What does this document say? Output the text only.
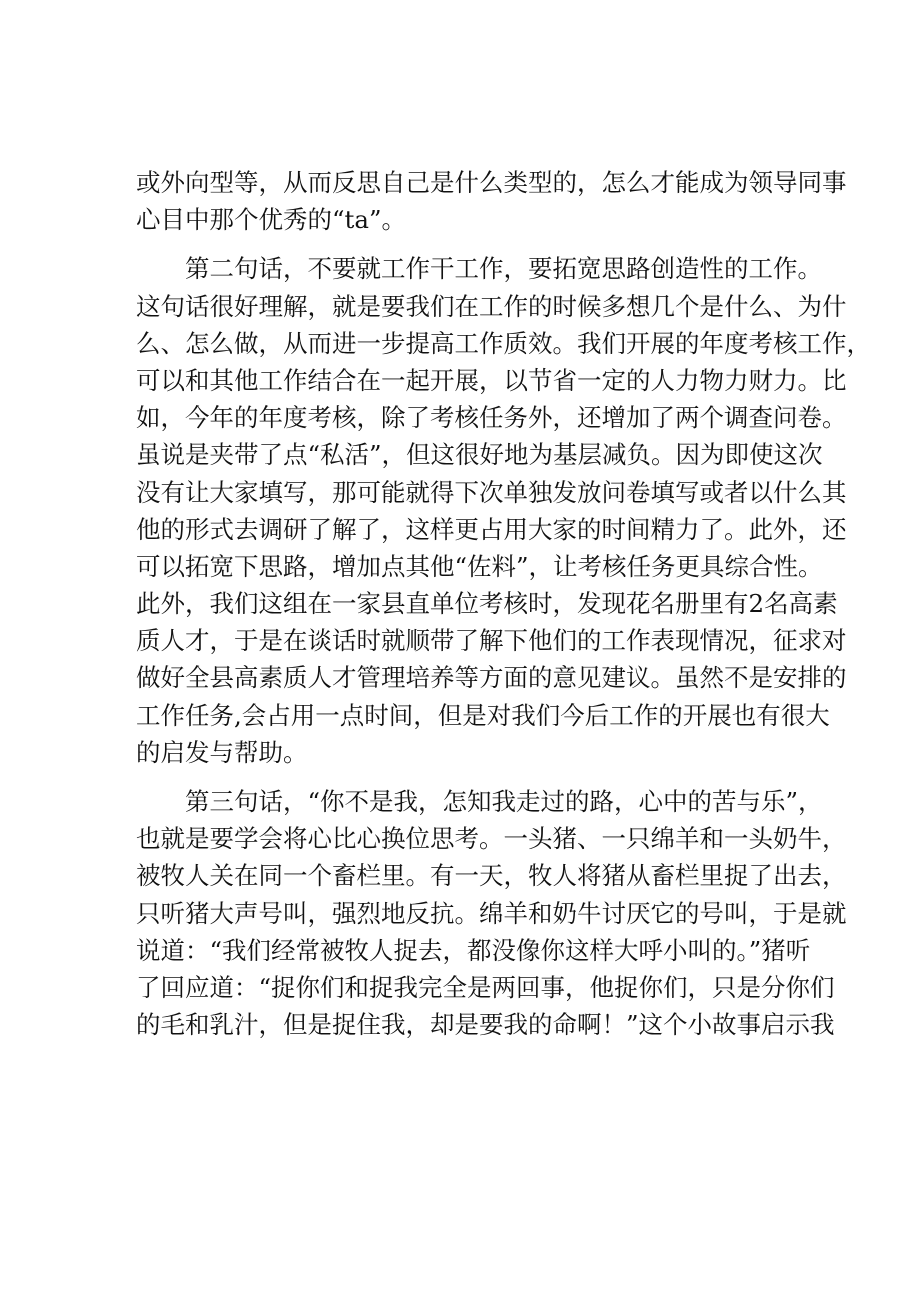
或外向型等，从而反思自己是什么类型的，怎么才能成为领导同事
心目中那个优秀的“ta”。
第二句话，不要就工作干工作，要拓宽思路创造性的工作。
这句话很好理解，就是要我们在工作的时候多想几个是什么、为什
么、怎么做，从而进一步提高工作质效。我们开展的年度考核工作，
可以和其他工作结合在一起开展，以节省一定的人力物力财力。比
如，今年的年度考核，除了考核任务外，还增加了两个调查问卷。
虽说是夹带了点“私活”，但这很好地为基层减负。因为即使这次
没有让大家填写，那可能就得下次单独发放问卷填写或者以什么其
他的形式去调研了解了，这样更占用大家的时间精力了。此外，还
可以拓宽下思路，增加点其他“佐料”，让考核任务更具综合性。
此外，我们这组在一家县直单位考核时，发现花名册里有2名高素
质人才，于是在谈话时就顺带了解下他们的工作表现情况，征求对
做好全县高素质人才管理培养等方面的意见建议。虽然不是安排的
工作任务,会占用一点时间，但是对我们今后工作的开展也有很大
的启发与帮助。
第三句话，“你不是我，怎知我走过的路，心中的苦与乐”，
也就是要学会将心比心换位思考。一头猪、一只绵羊和一头奶牛，
被牧人关在同一个畜栏里。有一天，牧人将猪从畜栏里捉了出去，
只听猪大声号叫，强烈地反抗。绵羊和奶牛讨厌它的号叫，于是就
说道：“我们经常被牧人捉去，都没像你这样大呼小叫的。”猪听
了回应道：“捉你们和捉我完全是两回事，他捉你们，只是分你们
的毛和乳汁，但是捉住我，却是要我的命啊！”这个小故事启示我
